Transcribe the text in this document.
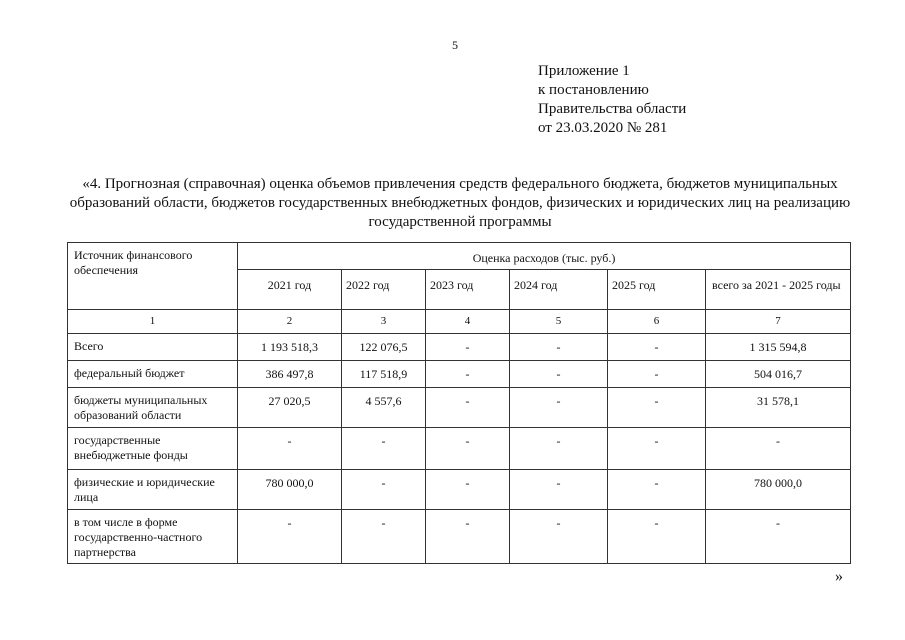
5
Приложение 1
к постановлению
Правительства области
от 23.03.2020 № 281
«4. Прогнозная (справочная) оценка объемов привлечения средств федерального бюджета, бюджетов муниципальных образований области, бюджетов государственных внебюджетных фондов, физических и юридических лиц на реализацию государственной программы
Источник финансового обеспечения	Оценка расходов (тыс. руб.)					
	2021 год	2022 год	2023 год	2024 год	2025 год	всего за 2021 - 2025 годы
1	2	3	4	5	6	7
Всего	1 193 518,3	122 076,5	-	-	-	1 315 594,8
федеральный бюджет	386 497,8	117 518,9	-	-	-	504 016,7
бюджеты муниципальных образований области	27 020,5	4 557,6	-	-	-	31 578,1
государственные внебюджетные фонды	-	-	-	-	-	-
физические и юридические лица	780 000,0	-	-	-	-	780 000,0
в том числе в форме государственно-частного партнерства	-	-	-	-	-	-
»
